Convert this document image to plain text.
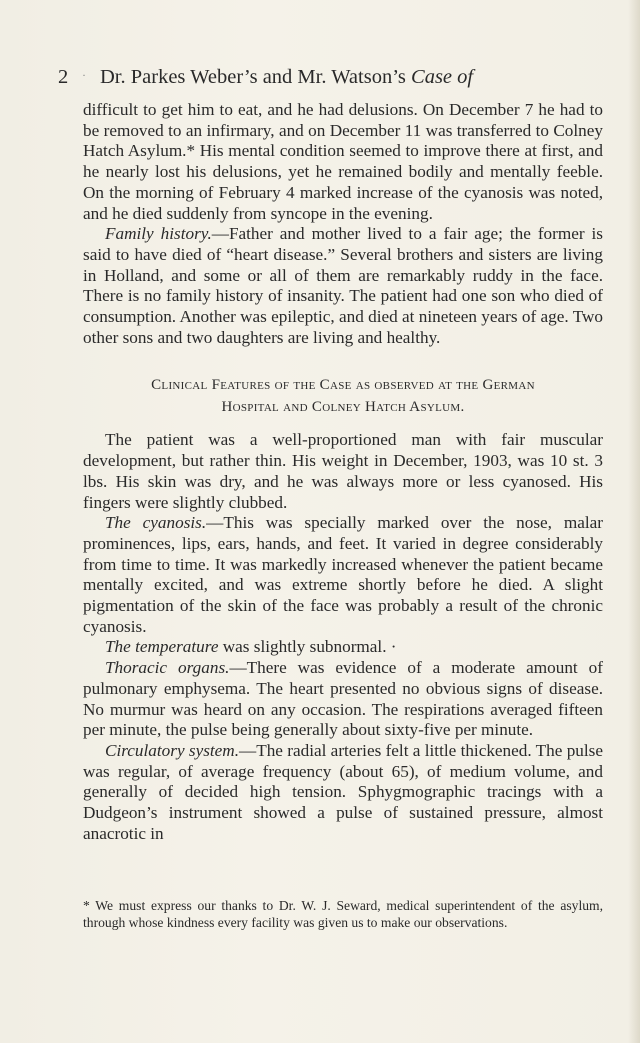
2 · Dr. Parkes Weber’s and Mr. Watson’s Case of

difficult to get him to eat, and he had delusions. On December 7 he had to be removed to an infirmary, and on December 11 was transferred to Colney Hatch Asylum.* His mental condition seemed to improve there at first, and he nearly lost his delusions, yet he remained bodily and mentally feeble. On the morning of February 4 marked increase of the cyanosis was noted, and he died suddenly from syncope in the evening.

Family history.—Father and mother lived to a fair age; the former is said to have died of “heart disease.” Several brothers and sisters are living in Holland, and some or all of them are remarkably ruddy in the face. There is no family history of insanity. The patient had one son who died of consumption. Another was epileptic, and died at nineteen years of age. Two other sons and two daughters are living and healthy.

Clinical Features of the Case as observed at the German
Hospital and Colney Hatch Asylum.

The patient was a well-proportioned man with fair muscular development, but rather thin. His weight in December, 1903, was 10 st. 3 lbs. His skin was dry, and he was always more or less cyanosed. His fingers were slightly clubbed.

The cyanosis.—This was specially marked over the nose, malar prominences, lips, ears, hands, and feet. It varied in degree considerably from time to time. It was markedly increased whenever the patient became mentally excited, and was extreme shortly before he died. A slight pigmentation of the skin of the face was probably a result of the chronic cyanosis.

The temperature was slightly subnormal. ·

Thoracic organs.—There was evidence of a moderate amount of pulmonary emphysema. The heart presented no obvious signs of disease. No murmur was heard on any occasion. The respirations averaged fifteen per minute, the pulse being generally about sixty-five per minute.

Circulatory system.—The radial arteries felt a little thickened. The pulse was regular, of average frequency (about 65), of medium volume, and generally of decided high tension. Sphygmographic tracings with a Dudgeon’s instrument showed a pulse of sustained pressure, almost anacrotic in

* We must express our thanks to Dr. W. J. Seward, medical superintendent of the asylum, through whose kindness every facility was given us to make our observations.
